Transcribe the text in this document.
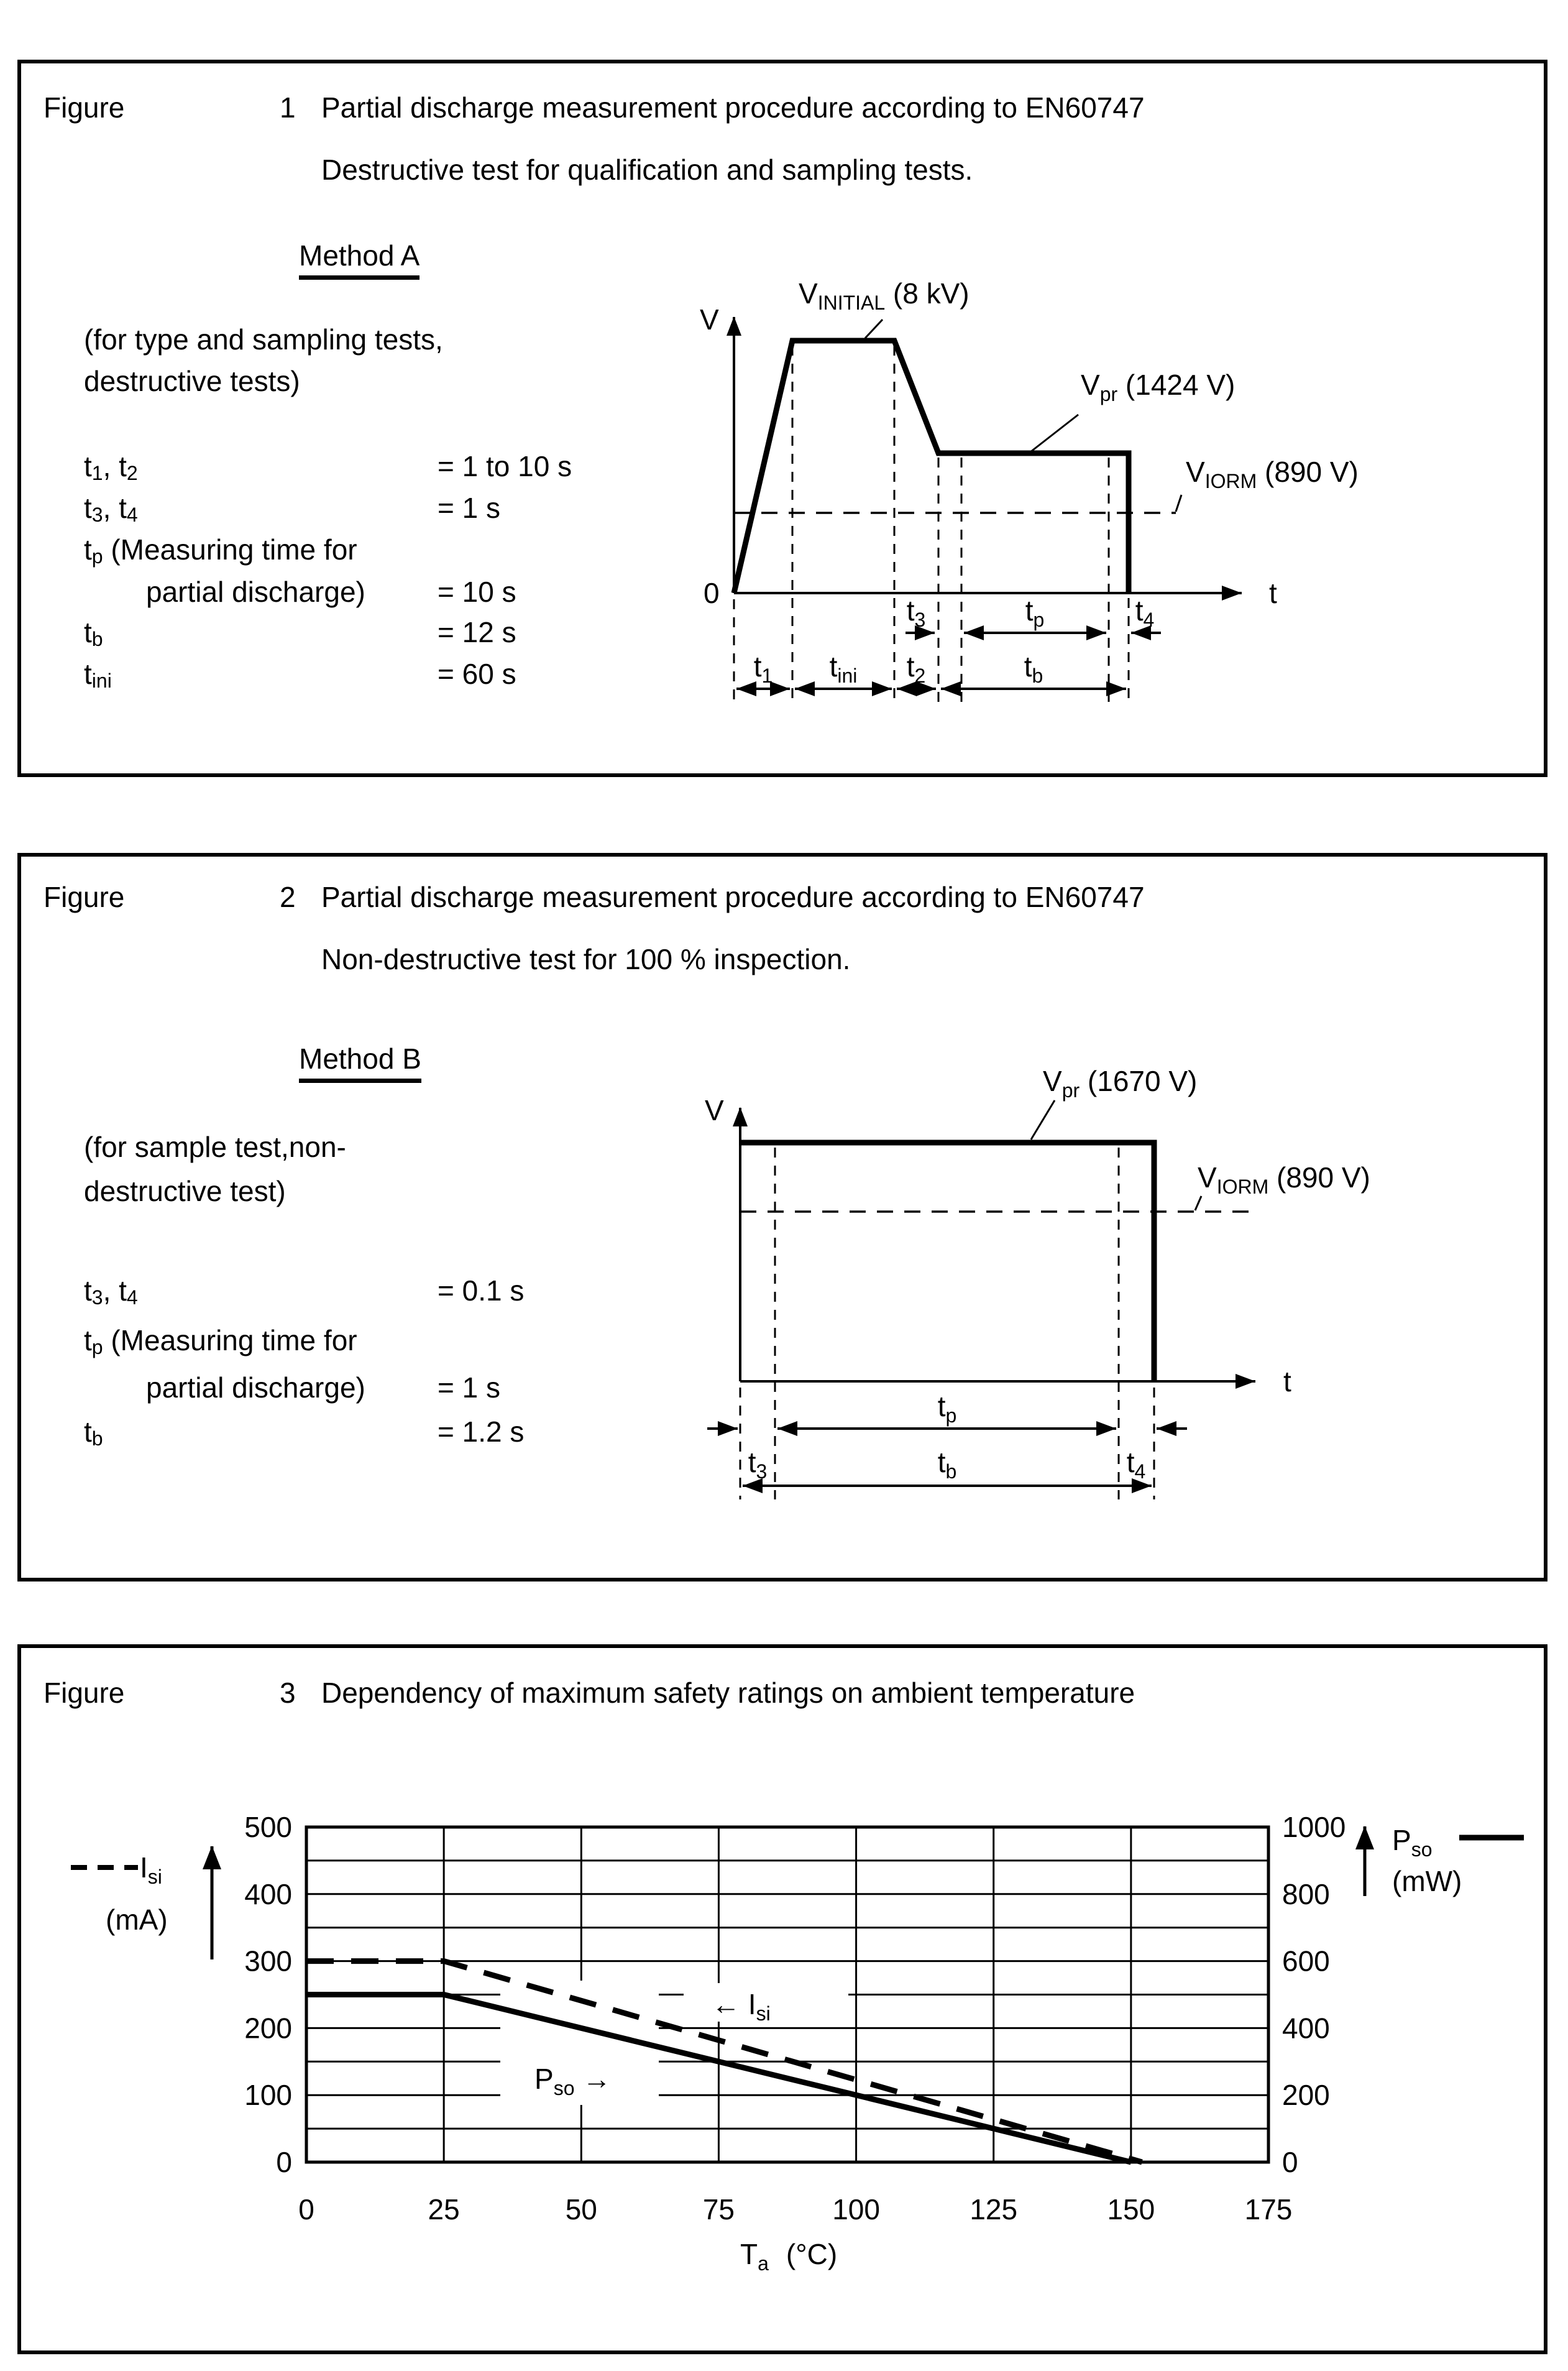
Figure	1 Partial discharge measurement procedure according to EN60747
Destructive test for qualification and sampling tests.
Method A
(for type and sampling tests,
destructive tests)
$t_1$, $t_2$	= 1 to 10 s
$t_3$, $t_4$	= 1 s
$t_p$ (Measuring time for
partial discharge)	= 10 s
$t_b$	= 12 s
$t_{ini}$	= 60 s
V
0	t
$V_{INITIAL}$ (8 kV)
$V_{pr}$ (1424 V)
$V_{IORM}$ (890 V)
$t_3$	$t_p$	$t_4$
$t_1$ $t_{ini}$ $t_2$	$t_b$
Figure	2 Partial discharge measurement procedure according to EN60747
Non-destructive test for 100 % inspection.
Method B
(for sample test,non-
destructive test)
$t_3$, $t_4$	= 0.1 s
$t_p$ (Measuring time for
partial discharge)	= 1 s
$t_b$	= 1.2 s
V
t
$V_{pr}$ (1670 V)
$V_{IORM}$ (890 V)
$t_p$
$t_3$	$t_b$	$t_4$
Figure	3 Dependency of maximum safety ratings on ambient temperature
← $I_{si}$
$P_{so}$ →
0	25	50	75	100	125	150	175
500
400
300
200
100
0
1000
800
600
400
200
0
$I_{si}$
(mA)
$P_{so}$
(mW)
$T_a$ (°C)
